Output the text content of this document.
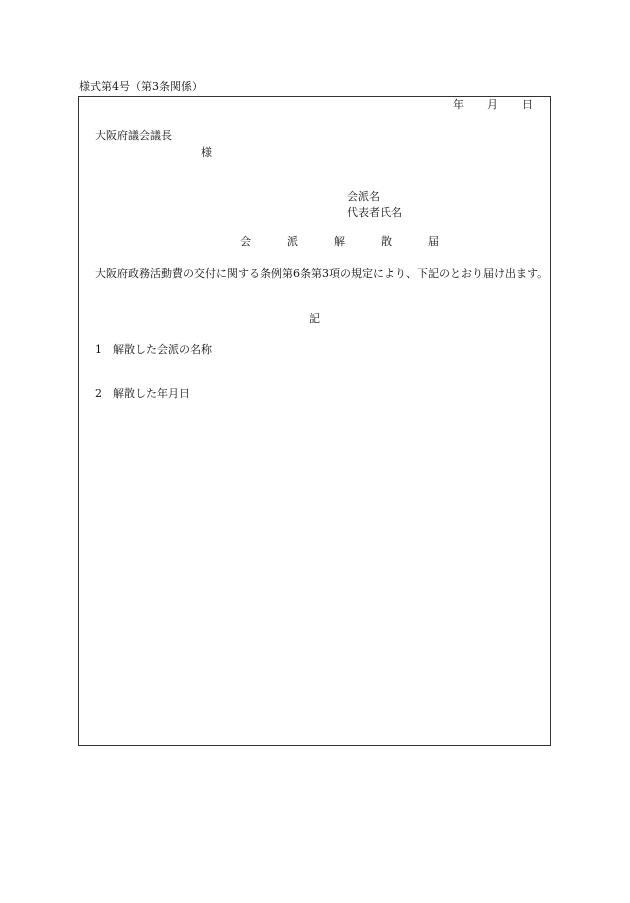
様式第4号（第3条関係）
年 月 日
大阪府議会議長
様
会派名
代表者氏名
会	派	解	散	届
大阪府政務活動費の交付に関する条例第6条第3項の規定により、下記のとおり届け出ます。
記
1 解散した会派の名称
2 解散した年月日
